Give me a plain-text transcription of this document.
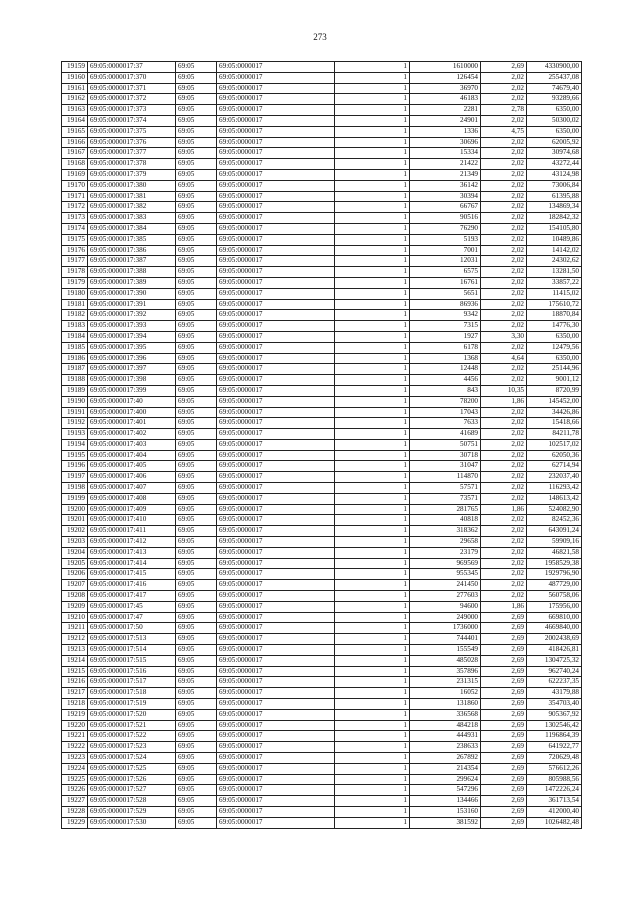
273
19159	69:05:0000017:37	69:05	69:05:0000017	1	1610000	2,69	4330900,00
19160	69:05:0000017:370	69:05	69:05:0000017	1	126454	2,02	255437,08
19161	69:05:0000017:371	69:05	69:05:0000017	1	36970	2,02	74679,40
19162	69:05:0000017:372	69:05	69:05:0000017	1	46183	2,02	93289,66
19163	69:05:0000017:373	69:05	69:05:0000017	1	2281	2,78	6350,00
19164	69:05:0000017:374	69:05	69:05:0000017	1	24901	2,02	50300,02
19165	69:05:0000017:375	69:05	69:05:0000017	1	1336	4,75	6350,00
19166	69:05:0000017:376	69:05	69:05:0000017	1	30696	2,02	62005,92
19167	69:05:0000017:377	69:05	69:05:0000017	1	15334	2,02	30974,68
19168	69:05:0000017:378	69:05	69:05:0000017	1	21422	2,02	43272,44
19169	69:05:0000017:379	69:05	69:05:0000017	1	21349	2,02	43124,98
19170	69:05:0000017:380	69:05	69:05:0000017	1	36142	2,02	73006,84
19171	69:05:0000017:381	69:05	69:05:0000017	1	30394	2,02	61395,88
19172	69:05:0000017:382	69:05	69:05:0000017	1	66767	2,02	134869,34
19173	69:05:0000017:383	69:05	69:05:0000017	1	90516	2,02	182842,32
19174	69:05:0000017:384	69:05	69:05:0000017	1	76290	2,02	154105,80
19175	69:05:0000017:385	69:05	69:05:0000017	1	5193	2,02	10489,86
19176	69:05:0000017:386	69:05	69:05:0000017	1	7001	2,02	14142,02
19177	69:05:0000017:387	69:05	69:05:0000017	1	12031	2,02	24302,62
19178	69:05:0000017:388	69:05	69:05:0000017	1	6575	2,02	13281,50
19179	69:05:0000017:389	69:05	69:05:0000017	1	16761	2,02	33857,22
19180	69:05:0000017:390	69:05	69:05:0000017	1	5651	2,02	11415,02
19181	69:05:0000017:391	69:05	69:05:0000017	1	86936	2,02	175610,72
19182	69:05:0000017:392	69:05	69:05:0000017	1	9342	2,02	18870,84
19183	69:05:0000017:393	69:05	69:05:0000017	1	7315	2,02	14776,30
19184	69:05:0000017:394	69:05	69:05:0000017	1	1927	3,30	6350,00
19185	69:05:0000017:395	69:05	69:05:0000017	1	6178	2,02	12479,56
19186	69:05:0000017:396	69:05	69:05:0000017	1	1368	4,64	6350,00
19187	69:05:0000017:397	69:05	69:05:0000017	1	12448	2,02	25144,96
19188	69:05:0000017:398	69:05	69:05:0000017	1	4456	2,02	9001,12
19189	69:05:0000017:399	69:05	69:05:0000017	1	843	10,35	8720,99
19190	69:05:0000017:40	69:05	69:05:0000017	1	78200	1,86	145452,00
19191	69:05:0000017:400	69:05	69:05:0000017	1	17043	2,02	34426,86
19192	69:05:0000017:401	69:05	69:05:0000017	1	7633	2,02	15418,66
19193	69:05:0000017:402	69:05	69:05:0000017	1	41689	2,02	84211,78
19194	69:05:0000017:403	69:05	69:05:0000017	1	50751	2,02	102517,02
19195	69:05:0000017:404	69:05	69:05:0000017	1	30718	2,02	62050,36
19196	69:05:0000017:405	69:05	69:05:0000017	1	31047	2,02	62714,94
19197	69:05:0000017:406	69:05	69:05:0000017	1	114870	2,02	232037,40
19198	69:05:0000017:407	69:05	69:05:0000017	1	57571	2,02	116293,42
19199	69:05:0000017:408	69:05	69:05:0000017	1	73571	2,02	148613,42
19200	69:05:0000017:409	69:05	69:05:0000017	1	281765	1,86	524082,90
19201	69:05:0000017:410	69:05	69:05:0000017	1	40818	2,02	82452,36
19202	69:05:0000017:411	69:05	69:05:0000017	1	318362	2,02	643091,24
19203	69:05:0000017:412	69:05	69:05:0000017	1	29658	2,02	59909,16
19204	69:05:0000017:413	69:05	69:05:0000017	1	23179	2,02	46821,58
19205	69:05:0000017:414	69:05	69:05:0000017	1	969569	2,02	1958529,38
19206	69:05:0000017:415	69:05	69:05:0000017	1	955345	2,02	1929796,90
19207	69:05:0000017:416	69:05	69:05:0000017	1	241450	2,02	487729,00
19208	69:05:0000017:417	69:05	69:05:0000017	1	277603	2,02	560758,06
19209	69:05:0000017:45	69:05	69:05:0000017	1	94600	1,86	175956,00
19210	69:05:0000017:47	69:05	69:05:0000017	1	249000	2,69	669810,00
19211	69:05:0000017:50	69:05	69:05:0000017	1	1736000	2,69	4669840,00
19212	69:05:0000017:513	69:05	69:05:0000017	1	744401	2,69	2002438,69
19213	69:05:0000017:514	69:05	69:05:0000017	1	155549	2,69	418426,81
19214	69:05:0000017:515	69:05	69:05:0000017	1	485028	2,69	1304725,32
19215	69:05:0000017:516	69:05	69:05:0000017	1	357896	2,69	962740,24
19216	69:05:0000017:517	69:05	69:05:0000017	1	231315	2,69	622237,35
19217	69:05:0000017:518	69:05	69:05:0000017	1	16052	2,69	43179,88
19218	69:05:0000017:519	69:05	69:05:0000017	1	131860	2,69	354703,40
19219	69:05:0000017:520	69:05	69:05:0000017	1	336568	2,69	905367,92
19220	69:05:0000017:521	69:05	69:05:0000017	1	484218	2,69	1302546,42
19221	69:05:0000017:522	69:05	69:05:0000017	1	444931	2,69	1196864,39
19222	69:05:0000017:523	69:05	69:05:0000017	1	238633	2,69	641922,77
19223	69:05:0000017:524	69:05	69:05:0000017	1	267892	2,69	720629,48
19224	69:05:0000017:525	69:05	69:05:0000017	1	214354	2,69	576612,26
19225	69:05:0000017:526	69:05	69:05:0000017	1	299624	2,69	805988,56
19226	69:05:0000017:527	69:05	69:05:0000017	1	547296	2,69	1472226,24
19227	69:05:0000017:528	69:05	69:05:0000017	1	134466	2,69	361713,54
19228	69:05:0000017:529	69:05	69:05:0000017	1	153160	2,69	412000,40
19229	69:05:0000017:530	69:05	69:05:0000017	1	381592	2,69	1026482,48
